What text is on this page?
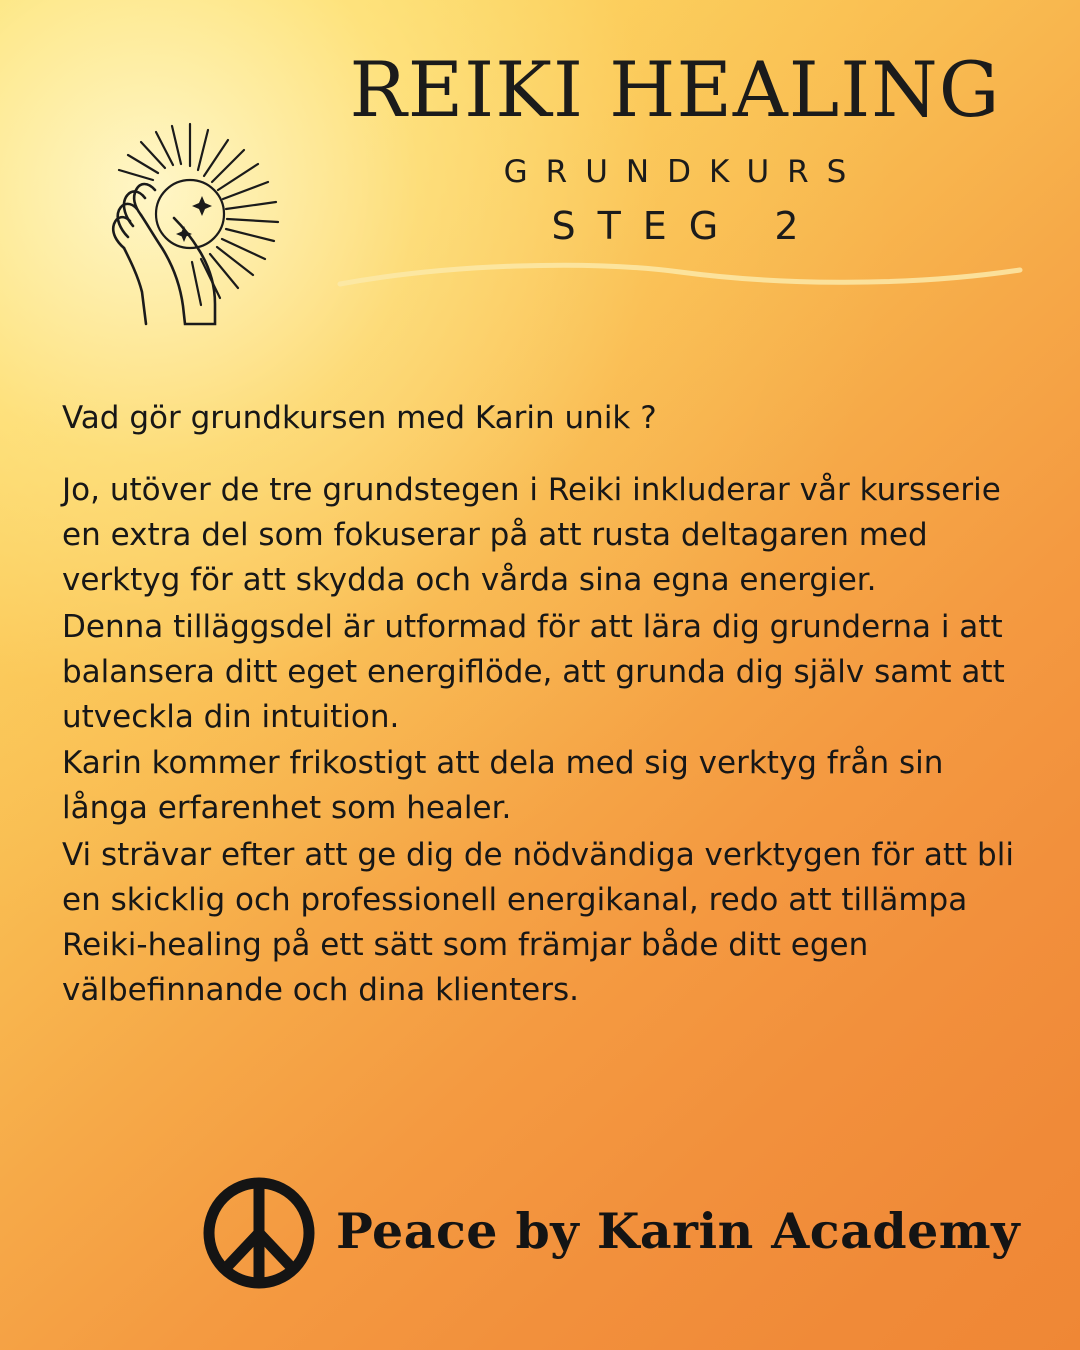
REIKI HEALING
GRUNDKURS
STEG 2

Vad gör grundkursen med Karin unik ?

Jo, utöver de tre grundstegen i Reiki inkluderar vår kursserie en extra del som fokuserar på att rusta deltagaren med verktyg för att skydda och vårda sina egna energier.

Denna tilläggsdel är utformad för att lära dig grunderna i att balansera ditt eget energiflöde, att grunda dig själv samt att utveckla din intuition.

Karin kommer frikostigt att dela med sig verktyg från sin långa erfarenhet som healer.

Vi strävar efter att ge dig de nödvändiga verktygen för att bli en skicklig och professionell energikanal, redo att tillämpa Reiki-healing på ett sätt som främjar både ditt egen välbefinnande och dina klienters.

Peace by Karin Academy
